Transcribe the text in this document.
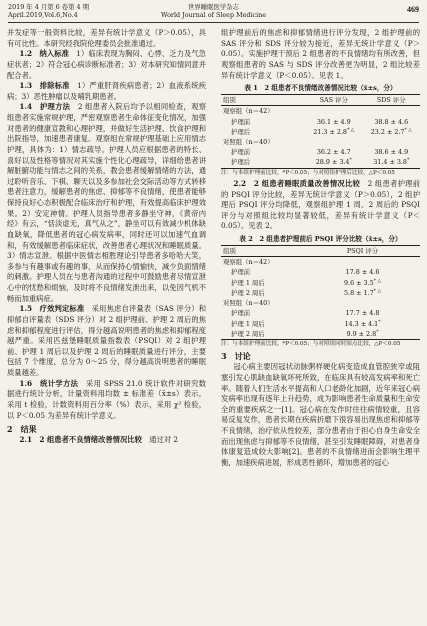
2019 年 4 月第 6 卷第 4 期
April.2019,Vol.6,No.4
世界睡眠医学杂志
World Journal of Sleep Medicine
469

并发症等一般资料比较，差异有统计学意义（P＞0.05），具有可比性。本研究经我院伦理委员会批准通过。

1.2　纳入标准　 1）临床表现为胸闷、心悸、乏力及气急症状者；2）符合冠心病诊断标准者；3）对本研究知情同意并配合者。

1.3　排除标准　 1）严重肝肾疾病患者；2）血液系统疾病；3）恶性肿瘤以及哺乳期患者。

1.4　护理方法　 2 组患者入院后均予以相同检查，观察组患者实施常规护理，严密观察患者生命体征变化情况，加强对患者的健康宣教和心理护理，并做好生活护理、饮食护理和出院指导，加速患者康复。观察组在常规护理基础上应用情志护理，具体为：1）情志疏导。护理人员应根据患者的特长、喜好以及性格等情况对其实施个性化心理疏导，详细给患者讲解脏腑功能与情志之间的关系，教会患者缓解情绪的方法，通过聆听音乐、下棋、聊天以及多参加社会交际活动等方式转移患者注意力，缓解患者的焦虑、抑郁等不良情绪，使患者能够保持良好心态积极配合临床治疗和护理，有效提高临床护理效果。2）安定神情。护理人员指导患者多静坐守神，《黄帝内经》有云，“恬淡虚无，真气从之”，静坐可以有效减少机体缺血缺氧，降低患者的冠心病发病率，同时还可以加速气血调和，有效缓解患者临床症状，改善患者心理状况和睡眠质量。3）情志宣泄。根据中医情志相胜理论引导患者多哈哈大笑，多参与有趣事或有趣的事，从而保持心情愉快，减少负面情绪的刺激。护理人员在与患者沟通的过程中可鼓励患者尽情宣泄心中的忧愁和烦恼，及时将不良情绪发泄出来，以免因气机不畅而加重病症。

1.5　疗效判定标准　 采用焦虑自评量表（SAS 评分）和抑郁自评量表（SDS 评分）对 2 组护理前、护理 2 周后的焦虑和抑郁程度进行评估，得分越高说明患者的焦虑和抑郁程度越严重。采用匹兹堡睡眠质量指数表（PSQI）对 2 组护理前、护理 1 周后以及护理 2 周后的睡眠质量进行评分，主要包括 7 个维度，总分为 0～25 分，得分越高说明患者的睡眠质量越差。

1.6　统计学方法　 采用 SPSS 21.0 统计软件对研究数据进行统计分析，计量资料用均数 ± 标准差（x̄±s）表示，采用 t 检验，计数资料用百分率（%）表示，采用 χ² 检验，以 P＜0.05 为差异有统计学意义。

2　结果

2.1　2 组患者不良情绪改善情况比较　 通过对 2

组护理前后的焦虑和抑郁情绪进行评分发现，2 组护理前的 SAS 评分和 SDS 评分较为接近，差异无统计学意义（P＞0.05）。实施护理干预后 2 组患者的不良情绪均有所改善，但观察组患者的 SAS 与 SDS 评分改善更为明显，2 组比较差异有统计学意义（P＜0.05）。见表 1。

表 1　2 组患者不良情绪改善情况比较（x̄±s，分）
组别	SAS 评分	SDS 评分
观察组（n＝42）		
护理前	36.1 ± 4.9	38.8 ± 4.6
护理后	21.3 ± 2.8* △	23.2 ± 2.7* △
对照组（n＝40）		
护理前	36.2 ± 4.7	38.6 ± 4.9
护理后	28.9 ± 3.4*	31.4 ± 3.8*
注：与本组护理前比较，*P＜0.05；与对照组护理后比较，△P＜0.05

2.2　2 组患者睡眠质量改善情况比较　 2 组患者护理前的 PSQI 评分比较，差异无统计学意义（P＞0.05），2 组护理后 PSQI 评分均降低，观察组护理 1 周、2 周后的 PSQI 评分与对照组比较均显著较低，差异有统计学意义（P＜0.05）。见表 2。

表 2　2 组患者护理前后 PSQI 评分比较（x̄±s，分）
组别	PSQI 评分
观察组（n＝42）	
护理前	17.8 ± 4.6
护理 1 周后	9.6 ± 3.5* △
护理 2 周后	5.8 ± 1.7* △
对照组（n＝40）	
护理前	17.7 ± 4.8
护理 1 周后	14.3 ± 4.1*
护理 2 周后	9.9 ± 2.8*
注：与本组护理前比较，*P＜0.05；与对照组同时间点比较，△P＜0.05
3　讨论

冠心病主要因冠状动脉粥样硬化病变造成血管腔狭窄或阻塞引发心肌缺血缺氧坏死所致，在临床具有较高发病率和死亡率。随着人们生活水平提高和人口老龄化加剧，近年来冠心病发病率出现有逐年上升趋势，成为影响患者生命质量和生命安全的重要疾病之一[1]。冠心病在发作时往往病情较重，且容易反复发作，患者长期在疾病折磨下很容易出现焦虑和抑郁等不良情绪，治疗依从性较差，部分患者由于担心自身生命安全而出现焦虑与抑郁等不良情绪，甚至引发睡眠障碍，对患者身体康复造成较大影响[2]。患者的不良情绪进而会影响生理平衡，加速疾病进展，形成恶性循环，增加患者的冠心
